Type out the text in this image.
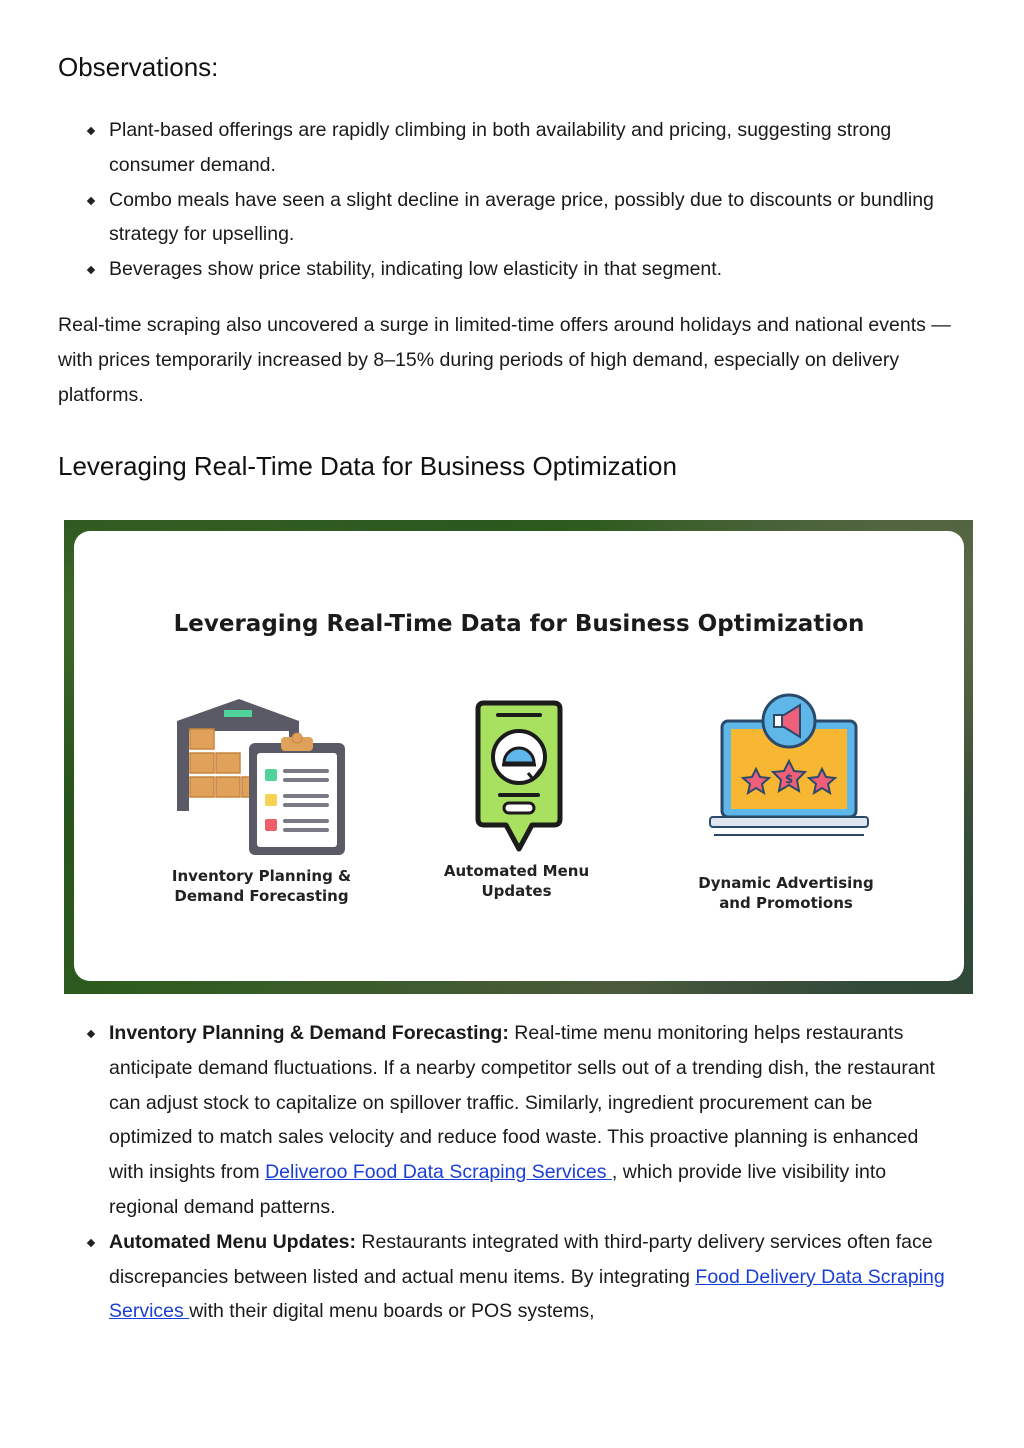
Observations:
Plant-based offerings are rapidly climbing in both availability and pricing, suggesting strong consumer demand.
Combo meals have seen a slight decline in average price, possibly due to discounts or bundling strategy for upselling.
Beverages show price stability, indicating low elasticity in that segment.

Real-time scraping also uncovered a surge in limited-time offers around holidays and national events — with prices temporarily increased by 8–15% during periods of high demand, especially on delivery platforms.

Leveraging Real-Time Data for Business Optimization
Leveraging Real-Time Data for Business Optimization
Inventory Planning &
Demand Forecasting
Automated Menu
Updates
$
Dynamic Advertising
and Promotions
Inventory Planning & Demand Forecasting: Real-time menu monitoring helps restaurants anticipate demand fluctuations. If a nearby competitor sells out of a trending dish, the restaurant can adjust stock to capitalize on spillover traffic. Similarly, ingredient procurement can be optimized to match sales velocity and reduce food waste. This proactive planning is enhanced with insights from Deliveroo Food Data Scraping Services , which provide live visibility into regional demand patterns.
Automated Menu Updates: Restaurants integrated with third-party delivery services often face discrepancies between listed and actual menu items. By integrating Food Delivery Data Scraping Services with their digital menu boards or POS systems,
